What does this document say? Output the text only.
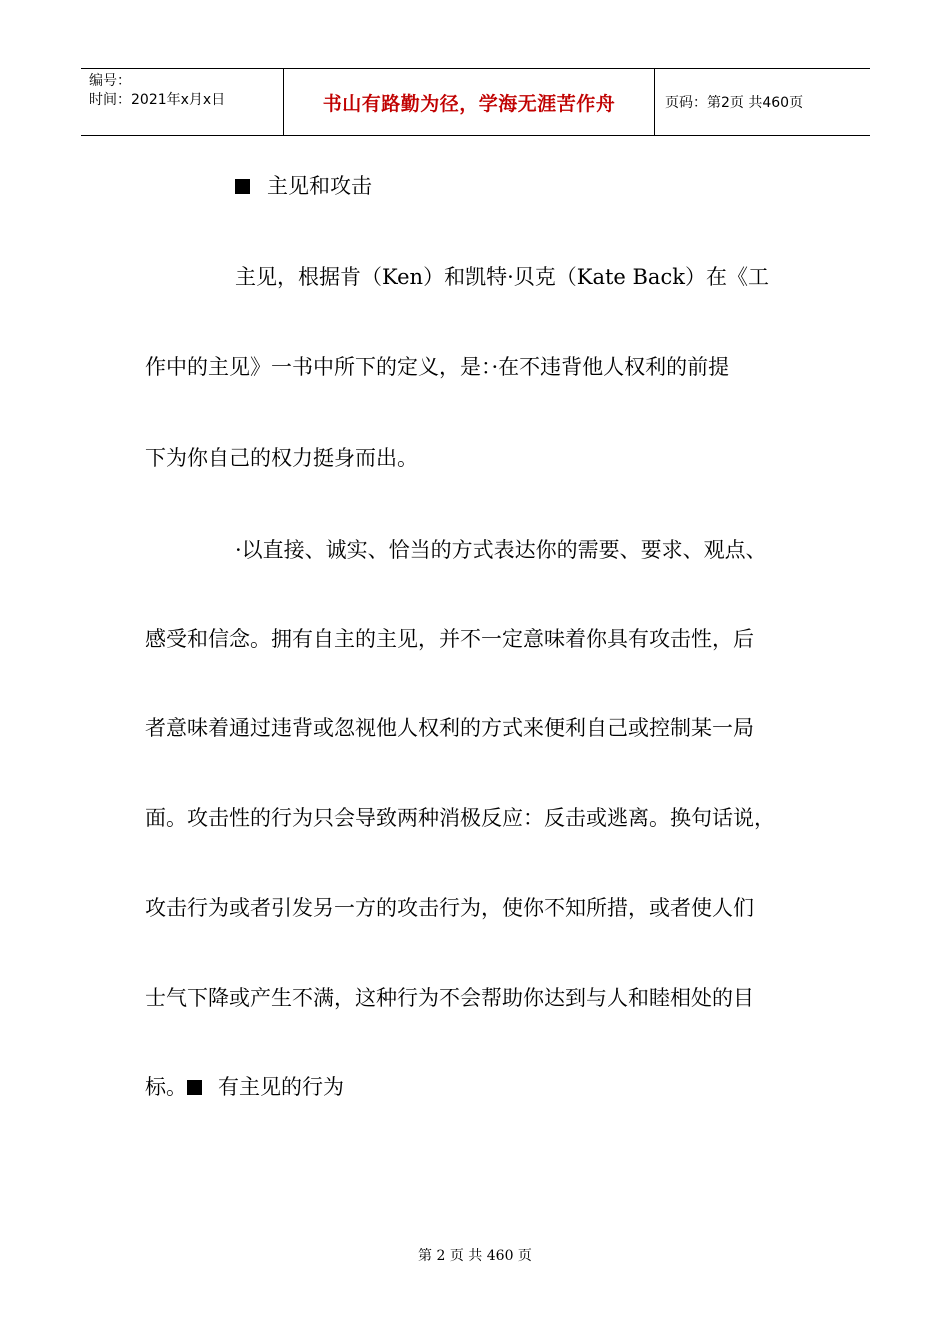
编号：
时间：2021年x月x日	书山有路勤为径，学海无涯苦作舟	页码：第2页 共460页
主见和攻击
主见，根据肯（Ken）和凯特·贝克（Kate Back）在《工
作中的主见》一书中所下的定义，是：·在不违背他人权利的前提
下为你自己的权力挺身而出。
·以直接、诚实、恰当的方式表达你的需要、要求、观点、
感受和信念。拥有自主的主见，并不一定意味着你具有攻击性，后
者意味着通过违背或忽视他人权利的方式来便利自己或控制某一局
面。攻击性的行为只会导致两种消极反应：反击或逃离。换句话说，
攻击行为或者引发另一方的攻击行为，使你不知所措，或者使人们
士气下降或产生不满，这种行为不会帮助你达到与人和睦相处的目
标。 有主见的行为
第 2 页 共 460 页
